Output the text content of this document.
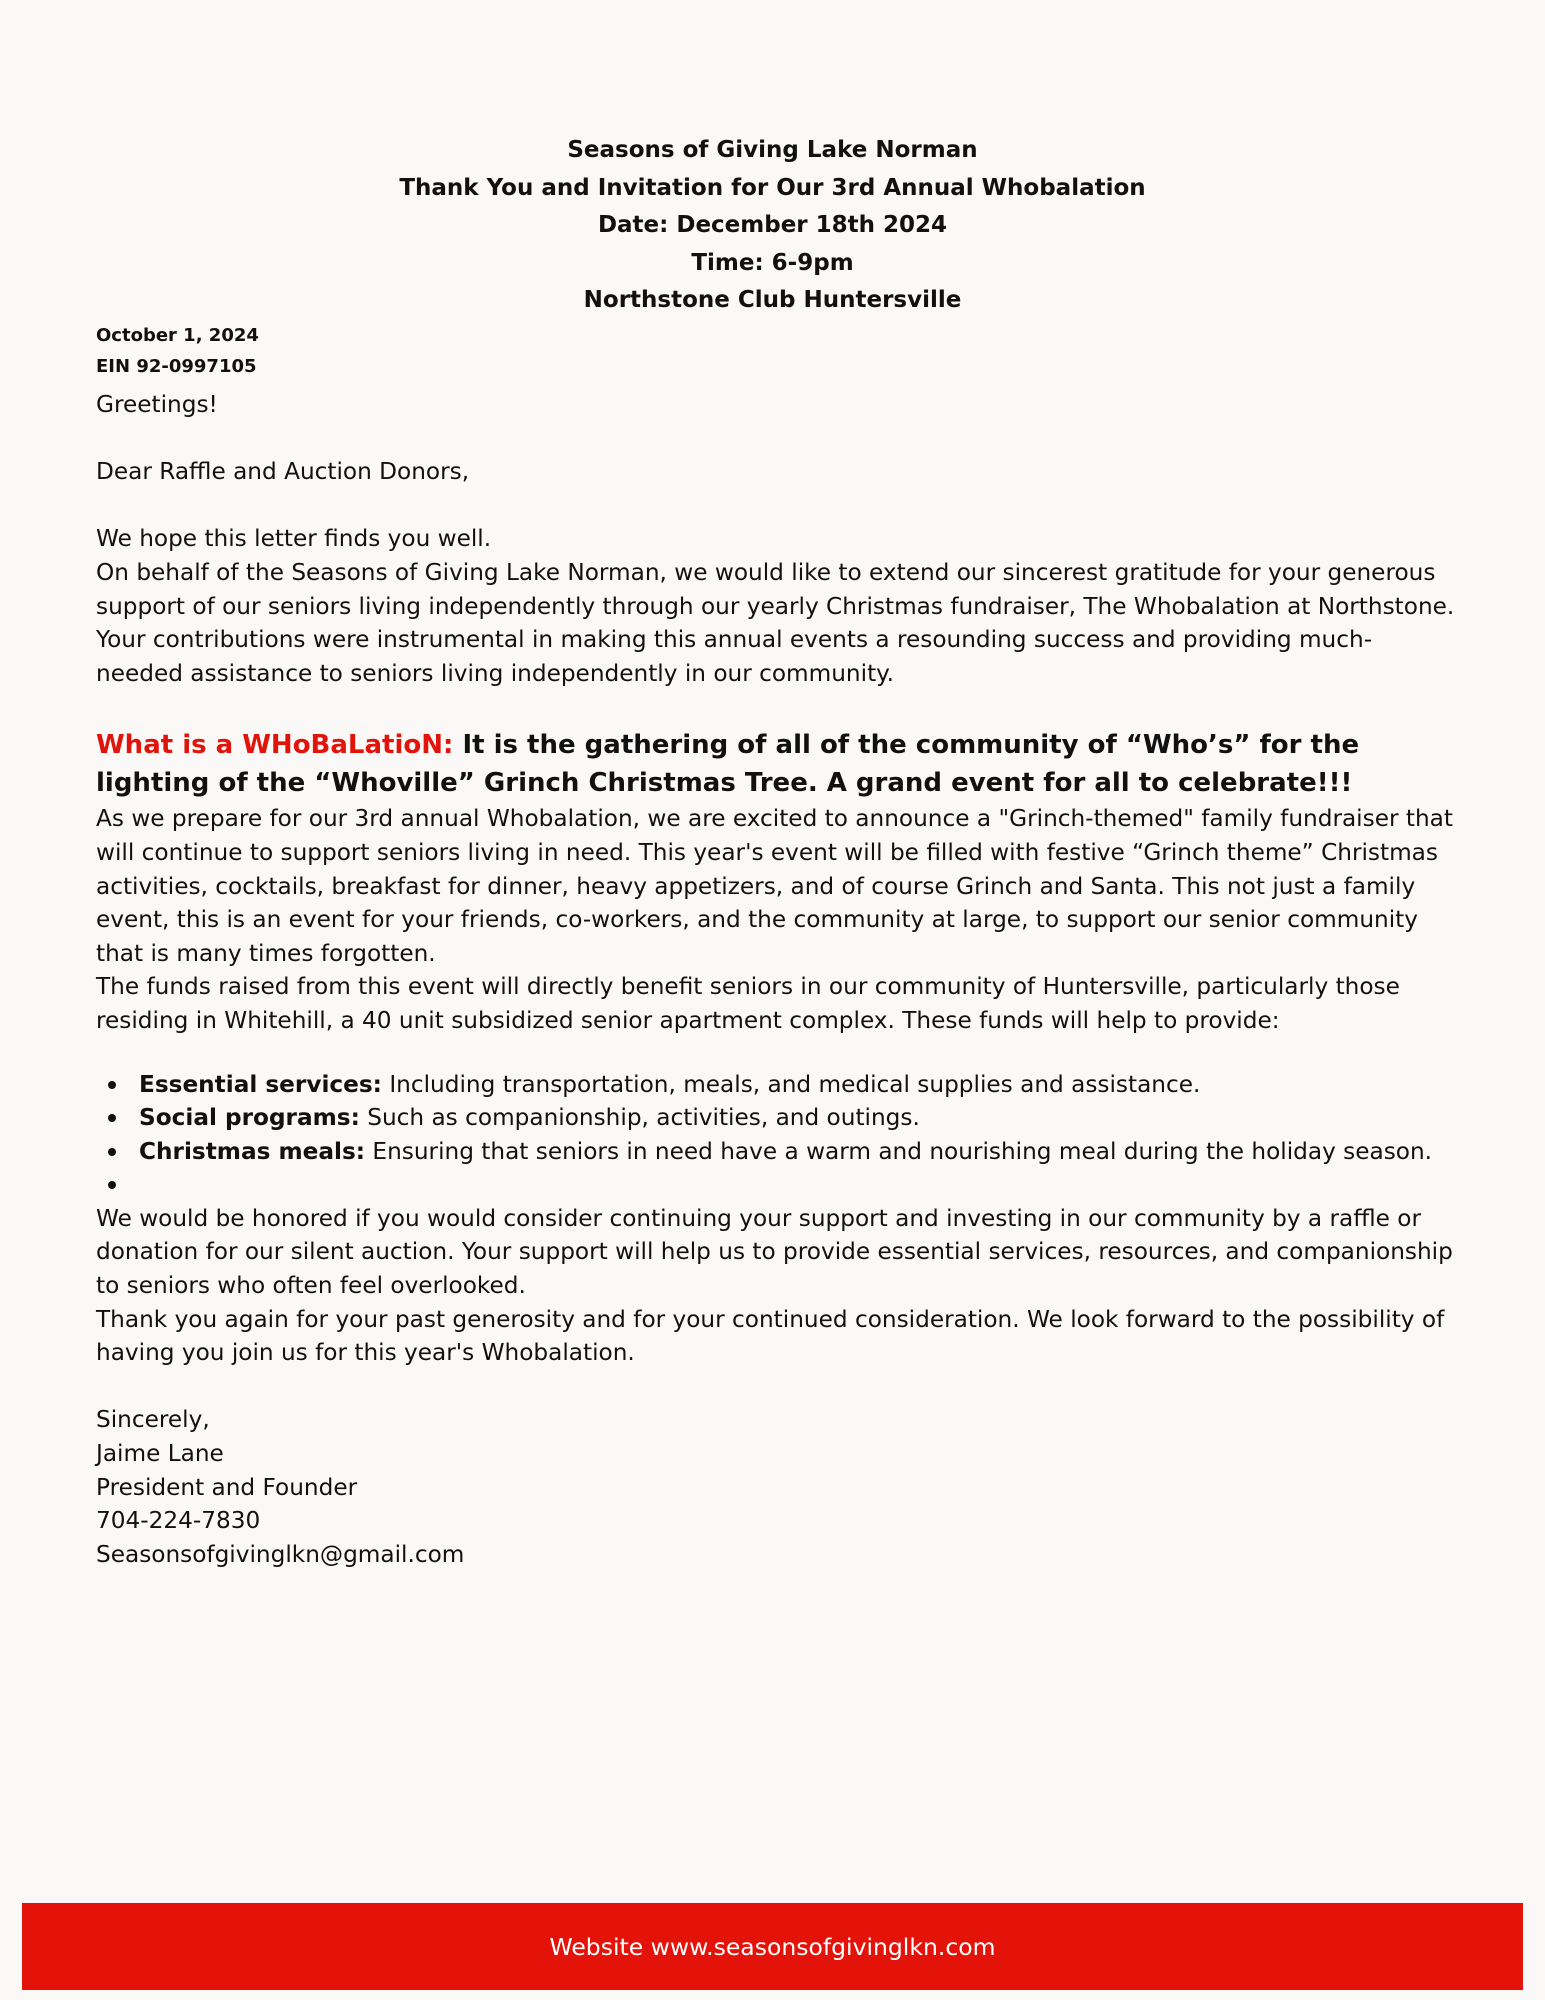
Seasons of Giving Lake Norman
Thank You and Invitation for Our 3rd Annual Whobalation
Date: December 18th 2024
Time: 6-9pm
Northstone Club Huntersville
October 1, 2024
EIN 92-0997105

Greetings!

Dear Raffle and Auction Donors,

We hope this letter finds you well.

On behalf of the Seasons of Giving Lake Norman, we would like to extend our sincerest gratitude for your generous support of our seniors living independently through our yearly Christmas fundraiser, The Whobalation at Northstone. Your contributions were instrumental in making this annual events a resounding success and providing much-needed assistance to seniors living independently in our community.

What is a WHoBaLatioN: It is the gathering of all of the community of “Who’s” for the lighting of the “Whoville” Grinch Christmas Tree. A grand event for all to celebrate!!!

As we prepare for our 3rd annual Whobalation, we are excited to announce a "Grinch-themed" family fundraiser that will continue to support seniors living in need. This year's event will be filled with festive “Grinch theme” Christmas activities, cocktails, breakfast for dinner, heavy appetizers, and of course Grinch and Santa. This not just a family event, this is an event for your friends, co-workers, and the community at large, to support our senior community that is many times forgotten.

The funds raised from this event will directly benefit seniors in our community of Huntersville, particularly those residing in Whitehill, a 40 unit subsidized senior apartment complex. These funds will help to provide:

Essential services: Including transportation, meals, and medical supplies and assistance.
Social programs: Such as companionship, activities, and outings.
Christmas meals: Ensuring that seniors in need have a warm and nourishing meal during the holiday season.

We would be honored if you would consider continuing your support and investing in our community by a raffle or donation for our silent auction. Your support will help us to provide essential services, resources, and companionship to seniors who often feel overlooked.

Thank you again for your past generosity and for your continued consideration. We look forward to the possibility of having you join us for this year's Whobalation.

Sincerely,

Jaime Lane

President and Founder

704-224-7830

Seasonsofgivinglkn@gmail.com

Website www.seasonsofgivinglkn.com
